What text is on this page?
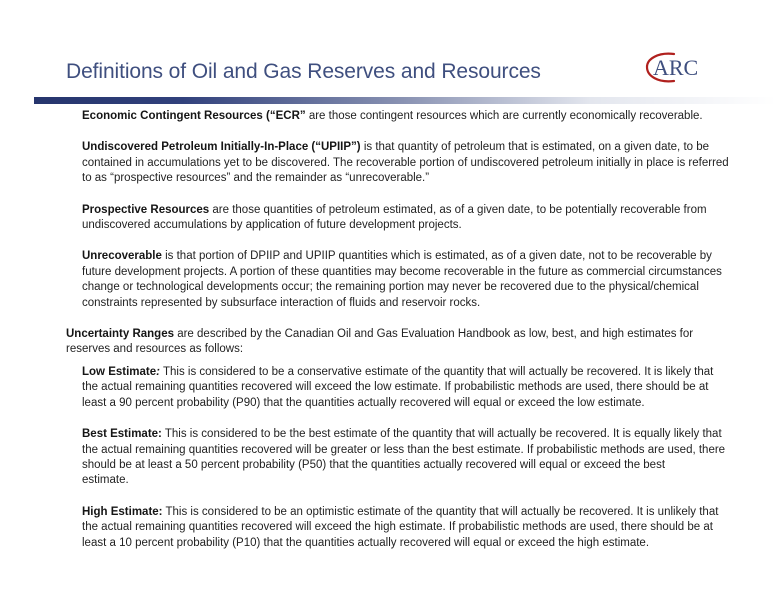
Definitions of Oil and Gas Reserves and Resources	ARC

Economic Contingent Resources (“ECR” are those contingent resources which are currently economically recoverable.

Undiscovered Petroleum Initially-In-Place (“UPIIP”) is that quantity of petroleum that is estimated, on a given date, to be contained in accumulations yet to be discovered. The recoverable portion of undiscovered petroleum initially in place is referred to as “prospective resources” and the remainder as “unrecoverable.”

Prospective Resources are those quantities of petroleum estimated, as of a given date, to be potentially recoverable from undiscovered accumulations by application of future development projects.

Unrecoverable is that portion of DPIIP and UPIIP quantities which is estimated, as of a given date, not to be recoverable by future development projects. A portion of these quantities may become recoverable in the future as commercial circumstances change or technological developments occur; the remaining portion may never be recovered due to the physical/chemical constraints represented by subsurface interaction of fluids and reservoir rocks.

Uncertainty Ranges are described by the Canadian Oil and Gas Evaluation Handbook as low, best, and high estimates for reserves and resources as follows:

Low Estimate: This is considered to be a conservative estimate of the quantity that will actually be recovered. It is likely that the actual remaining quantities recovered will exceed the low estimate. If probabilistic methods are used, there should be at least a 90 percent probability (P90) that the quantities actually recovered will equal or exceed the low estimate.

Best Estimate: This is considered to be the best estimate of the quantity that will actually be recovered. It is equally likely that the actual remaining quantities recovered will be greater or less than the best estimate. If probabilistic methods are used, there should be at least a 50 percent probability (P50) that the quantities actually recovered will equal or exceed the best
estimate.

High Estimate: This is considered to be an optimistic estimate of the quantity that will actually be recovered. It is unlikely that the actual remaining quantities recovered will exceed the high estimate. If probabilistic methods are used, there should be at least a 10 percent probability (P10) that the quantities actually recovered will equal or exceed the high estimate.
